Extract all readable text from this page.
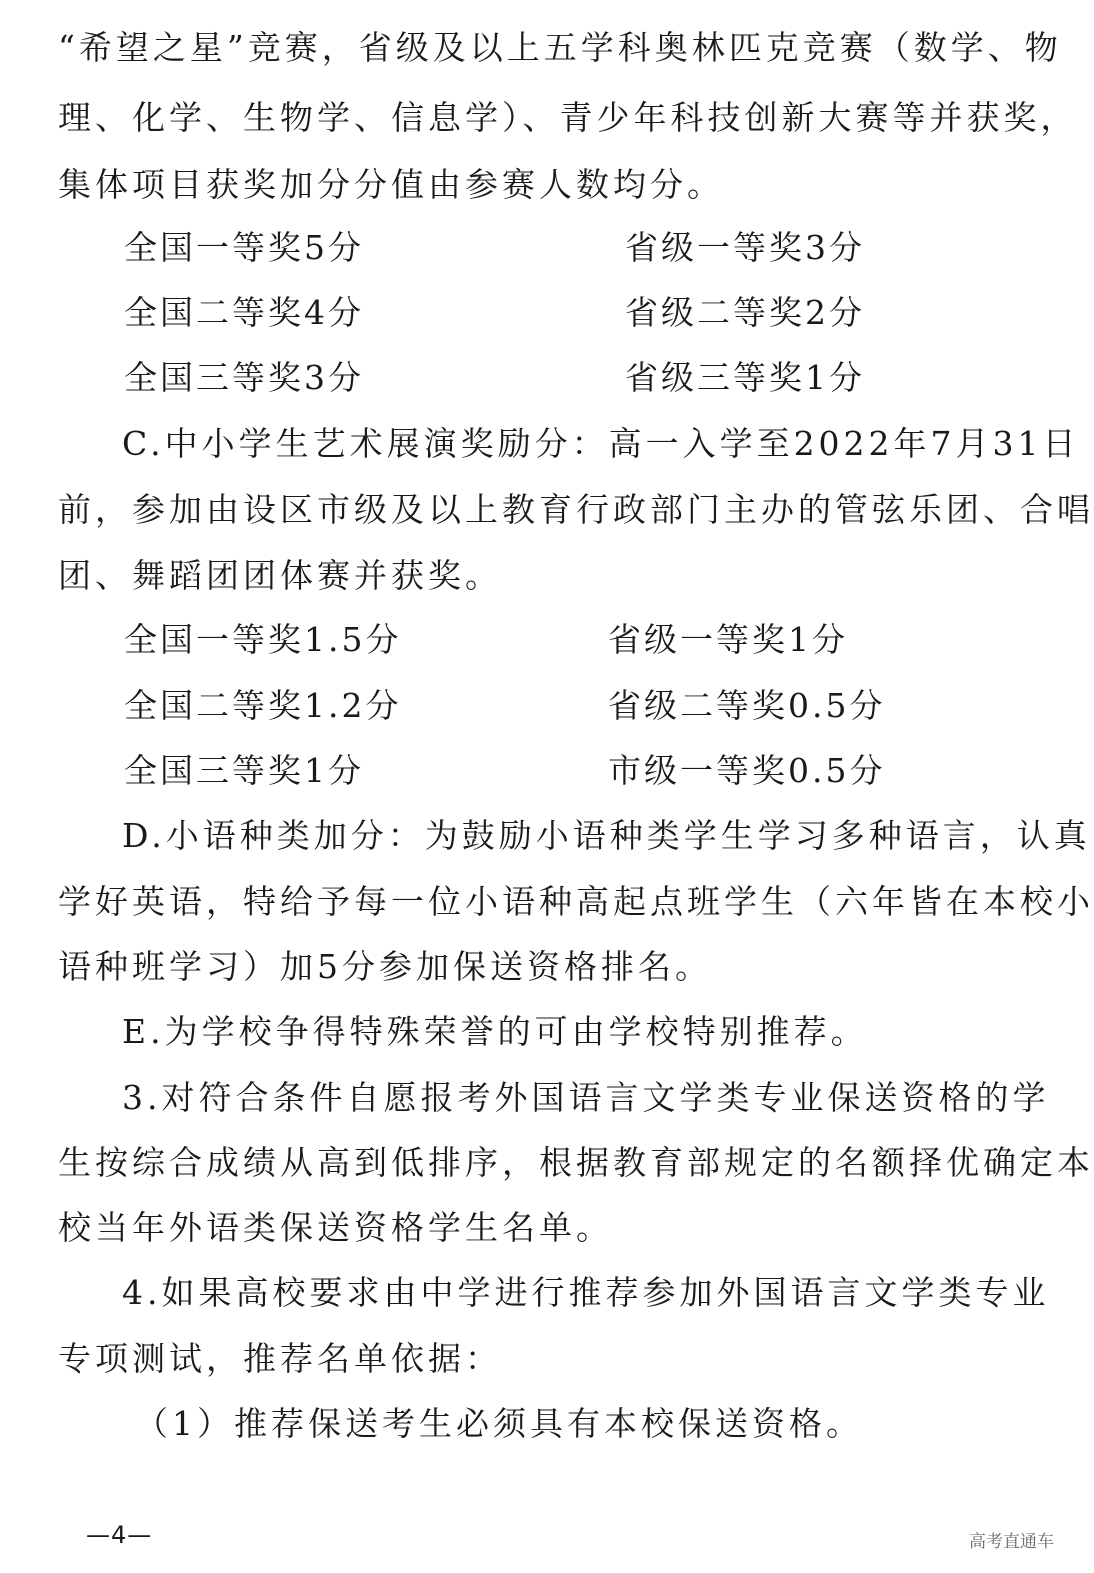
“希望之星”竞赛，省级及以上五学科奥林匹克竞赛（数学、物
理、化学、生物学、信息学）、青少年科技创新大赛等并获奖，
集体项目获奖加分分值由参赛人数均分。
全国一等奖5分	省级一等奖3分
全国二等奖4分	省级二等奖2分
全国三等奖3分	省级三等奖1分
C.中小学生艺术展演奖励分：高一入学至2022年7月31日
前，参加由设区市级及以上教育行政部门主办的管弦乐团、合唱
团、舞蹈团团体赛并获奖。
全国一等奖1.5分	省级一等奖1分
全国二等奖1.2分	省级二等奖0.5分
全国三等奖1分	市级一等奖0.5分
D.小语种类加分：为鼓励小语种类学生学习多种语言，认真
学好英语，特给予每一位小语种高起点班学生（六年皆在本校小
语种班学习）加5分参加保送资格排名。
E.为学校争得特殊荣誉的可由学校特别推荐。
3.对符合条件自愿报考外国语言文学类专业保送资格的学
生按综合成绩从高到低排序，根据教育部规定的名额择优确定本
校当年外语类保送资格学生名单。
4.如果高校要求由中学进行推荐参加外国语言文学类专业
专项测试，推荐名单依据：
（1）推荐保送考生必须具有本校保送资格。
—4—	高考直通车
